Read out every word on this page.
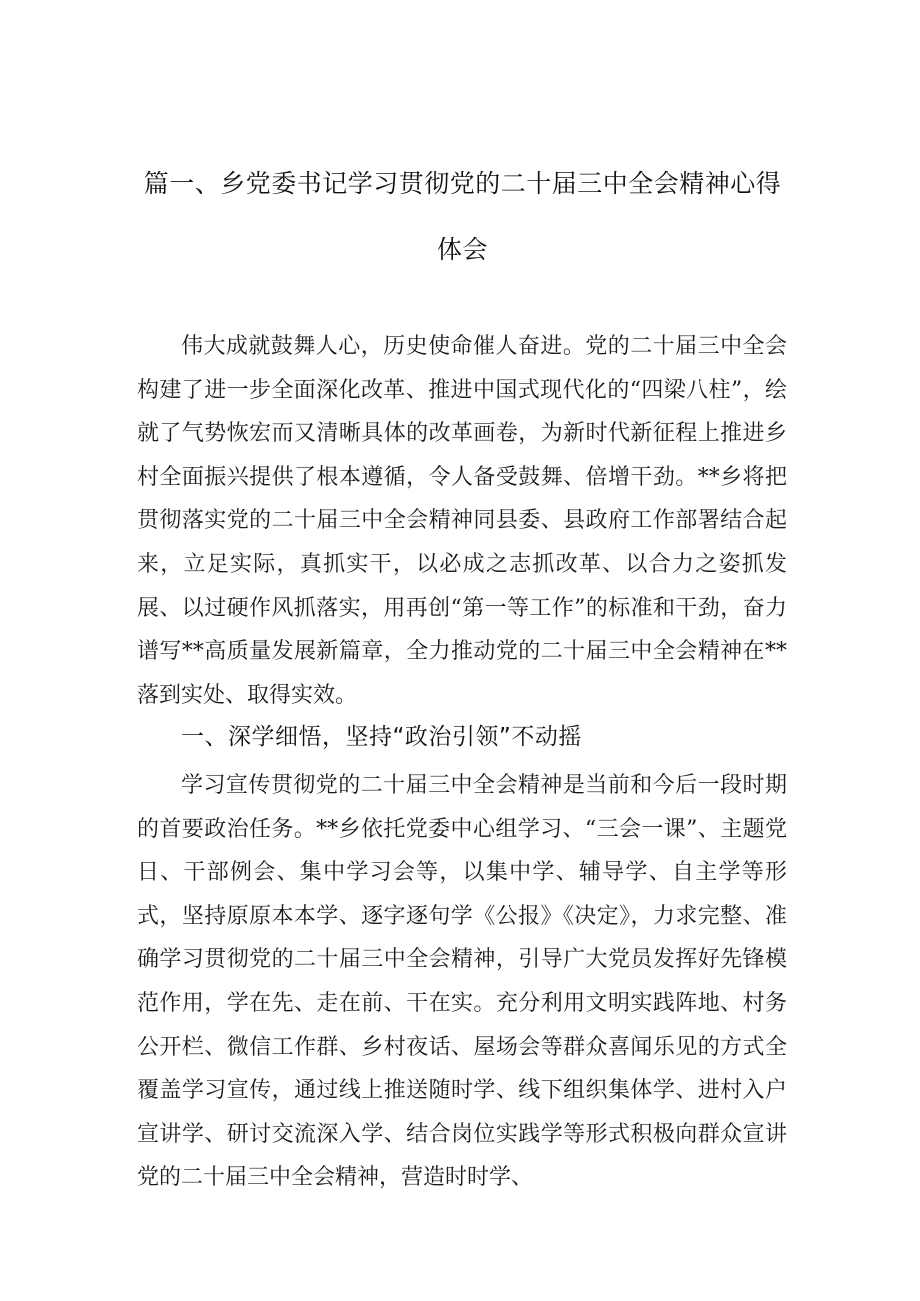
篇一、乡党委书记学习贯彻党的二十届三中全会精神心得
体会

伟大成就鼓舞人心，历史使命催人奋进。党的二十届三中全会构建了进一步全面深化改革、推进中国式现代化的“四梁八柱”，绘就了气势恢宏而又清晰具体的改革画卷，为新时代新征程上推进乡村全面振兴提供了根本遵循，令人备受鼓舞、倍增干劲。**乡将把贯彻落实党的二十届三中全会精神同县委、县政府工作部署结合起来，立足实际，真抓实干，以必成之志抓改革、以合力之姿抓发展、以过硬作风抓落实，用再创“第一等工作”的标准和干劲，奋力谱写**高质量发展新篇章，全力推动党的二十届三中全会精神在**落到实处、取得实效。

一、深学细悟，坚持“政治引领”不动摇

学习宣传贯彻党的二十届三中全会精神是当前和今后一段时期的首要政治任务。**乡依托党委中心组学习、“三会一课”、主题党日、干部例会、集中学习会等，以集中学、辅导学、自主学等形式，坚持原原本本学、逐字逐句学《公报》《决定》，力求完整、准确学习贯彻党的二十届三中全会精神，引导广大党员发挥好先锋模范作用，学在先、走在前、干在实。充分利用文明实践阵地、村务公开栏、微信工作群、乡村夜话、屋场会等群众喜闻乐见的方式全覆盖学习宣传，通过线上推送随时学、线下组织集体学、进村入户宣讲学、研讨交流深入学、结合岗位实践学等形式积极向群众宣讲党的二十届三中全会精神，营造时时学、
